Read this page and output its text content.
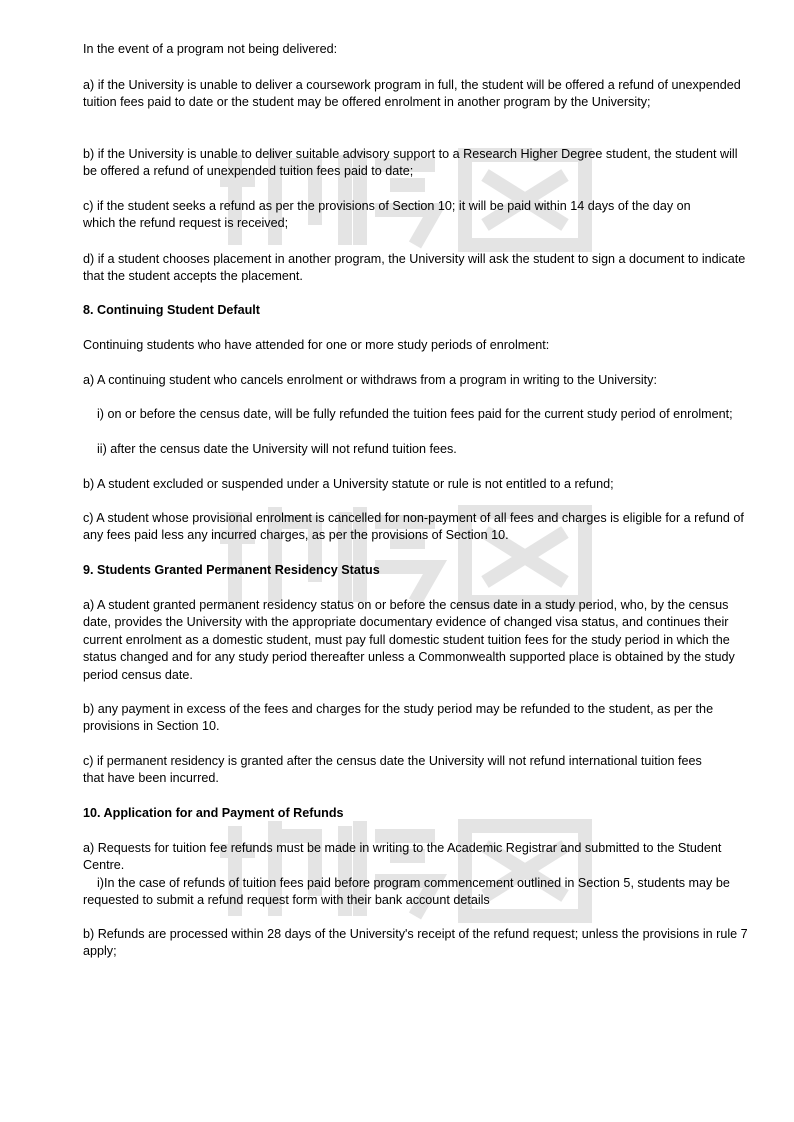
In the event of a program not being delivered:

a) if the University is unable to deliver a coursework program in full, the student will be offered a refund of unexpended tuition fees paid to date or the student may be offered enrolment in another program by the University;

b) if the University is unable to deliver suitable advisory support to a Research Higher Degree student, the student will be offered a refund of unexpended tuition fees paid to date;

c) if the student seeks a refund as per the provisions of Section 10; it will be paid within 14 days of the day on which the refund request is received;

d) if a student chooses placement in another program, the University will ask the student to sign a document to indicate that the student accepts the placement.

8. Continuing Student Default

Continuing students who have attended for one or more study periods of enrolment:

a) A continuing student who cancels enrolment or withdraws from a program in writing to the University:

i) on or before the census date, will be fully refunded the tuition fees paid for the current study period of enrolment;

ii) after the census date the University will not refund tuition fees.

b) A student excluded or suspended under a University statute or rule is not entitled to a refund;

c) A student whose provisional enrolment is cancelled for non-payment of all fees and charges is eligible for a refund of any fees paid less any incurred charges, as per the provisions of Section 10.

9. Students Granted Permanent Residency Status

a) A student granted permanent residency status on or before the census date in a study period, who, by the census date, provides the University with the appropriate documentary evidence of changed visa status, and continues their current enrolment as a domestic student, must pay full domestic student tuition fees for the study period in which the status changed and for any study period thereafter unless a Commonwealth supported place is obtained by the study period census date.

b) any payment in excess of the fees and charges for the study period may be refunded to the student, as per the provisions in Section 10.

c) if permanent residency is granted after the census date the University will not refund international tuition fees that have been incurred.

10. Application for and Payment of Refunds

a) Requests for tuition fee refunds must be made in writing to the Academic Registrar and submitted to the Student Centre.

i)In the case of refunds of tuition fees paid before program commencement outlined in Section 5, students may be requested to submit a refund request form with their bank account details

b) Refunds are processed within 28 days of the University's receipt of the refund request; unless the provisions in rule 7 apply;
